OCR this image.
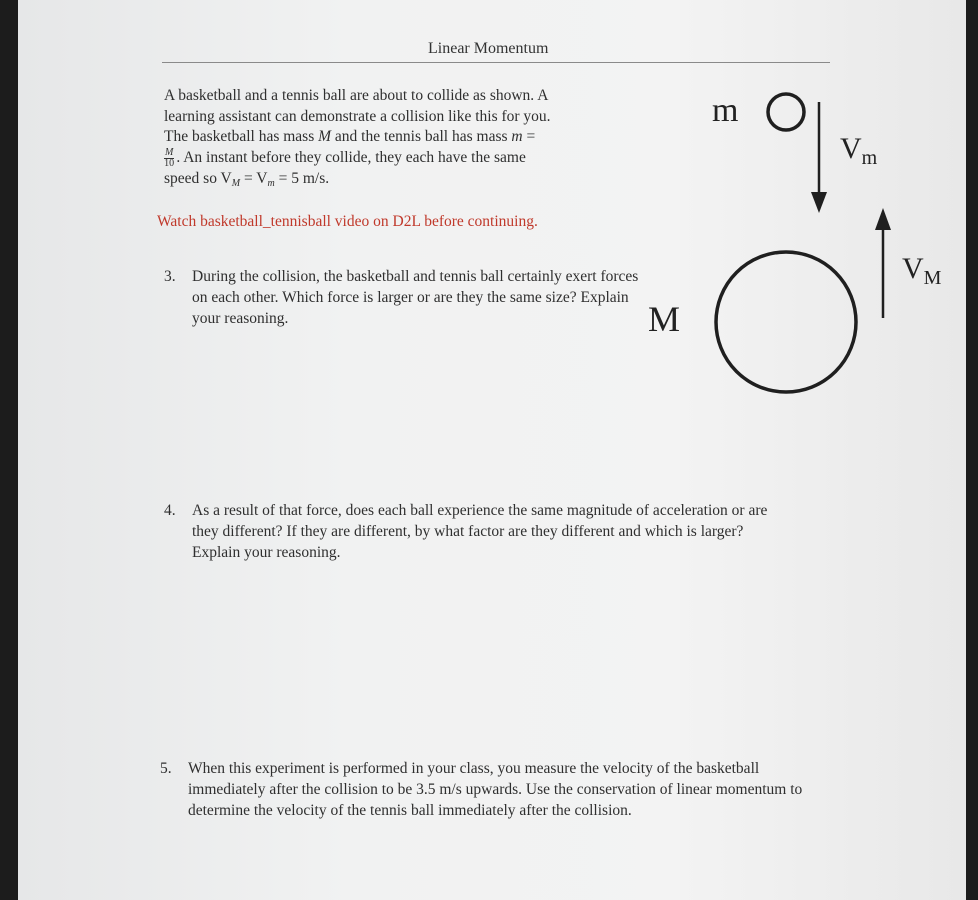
Linear Momentum

A basketball and a tennis ball are about to collide as shown. A

learning assistant can demonstrate a collision like this for you.

The basketball has mass M and the tennis ball has mass m =

$\frac{M}{10}$ . An instant before they collide, they each have the same

speed so $V_M = V_m = 5$ m/s.

Watch basketball_tennisball video on D2L before continuing.
3. During the collision, the basketball and tennis ball certainly exert forces on each other. Which force is larger or are they the same size? Explain your reasoning.
4. As a result of that force, does each ball experience the same magnitude of acceleration or are they different? If they are different, by what factor are they different and which is larger? Explain your reasoning.
5. When this experiment is performed in your class, you measure the velocity of the basketball immediately after the collision to be 3.5 m/s upwards. Use the conservation of linear momentum to determine the velocity of the tennis ball immediately after the collision.
m
M
$V_m$
$V_M$
